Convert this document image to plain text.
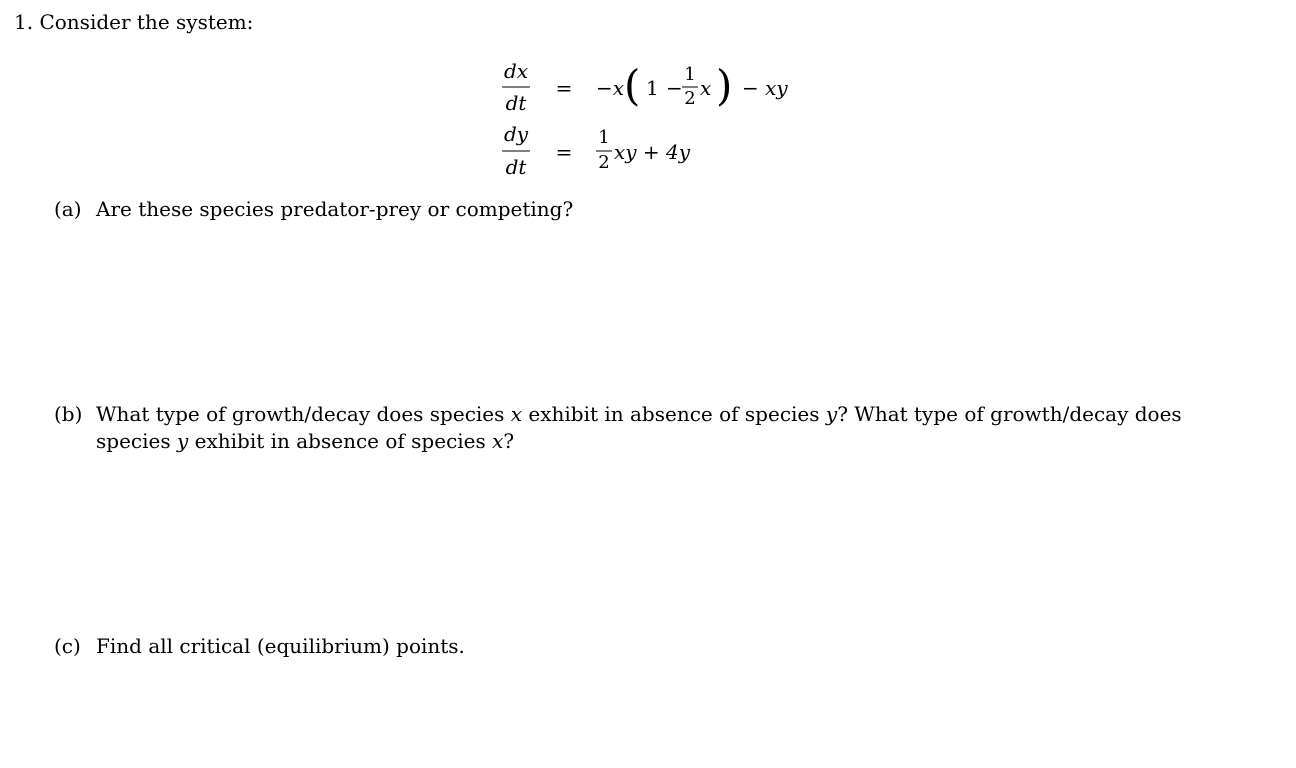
1. Consider the system:
dx
dt
= −x ( 1 −
1
2 x ) − xy
dy
dt
=
1
2 xy + 4y
(a) Are these species predator-prey or competing?
(b) What type of growth/decay does species x exhibit in absence of species y? What type of growth/decay does
species y exhibit in absence of species x?
(c) Find all critical (equilibrium) points.
